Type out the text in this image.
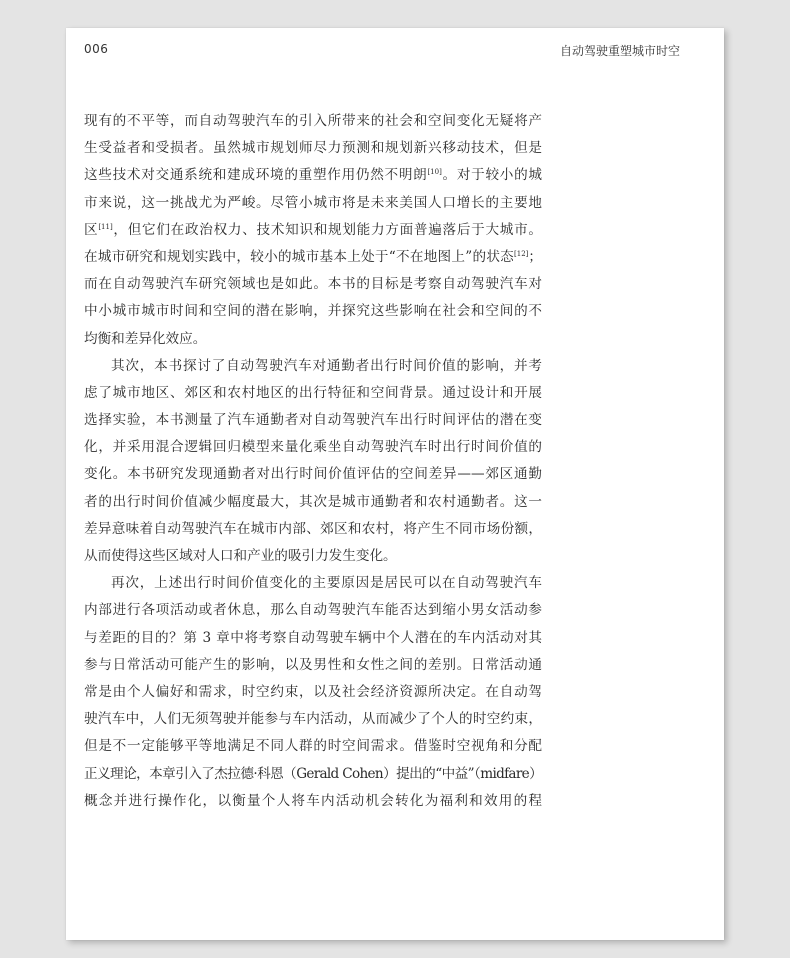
006	自动驾驶重塑城市时空
现有的不平等，而自动驾驶汽车的引入所带来的社会和空间变化无疑将产
生受益者和受损者。虽然城市规划师尽力预测和规划新兴移动技术，但是
这些技术对交通系统和建成环境的重塑作用仍然不明朗[10]。对于较小的城
市来说，这一挑战尤为严峻。尽管小城市将是未来美国人口增长的主要地
区[11]，但它们在政治权力、技术知识和规划能力方面普遍落后于大城市。
在城市研究和规划实践中，较小的城市基本上处于“不在地图上”的状态[12]；
而在自动驾驶汽车研究领域也是如此。本书的目标是考察自动驾驶汽车对
中小城市城市时间和空间的潜在影响，并探究这些影响在社会和空间的不
均衡和差异化效应。
其次，本书探讨了自动驾驶汽车对通勤者出行时间价值的影响，并考
虑了城市地区、郊区和农村地区的出行特征和空间背景。通过设计和开展
选择实验，本书测量了汽车通勤者对自动驾驶汽车出行时间评估的潜在变
化，并采用混合逻辑回归模型来量化乘坐自动驾驶汽车时出行时间价值的
变化。本书研究发现通勤者对出行时间价值评估的空间差异——郊区通勤
者的出行时间价值减少幅度最大，其次是城市通勤者和农村通勤者。这一
差异意味着自动驾驶汽车在城市内部、郊区和农村，将产生不同市场份额，
从而使得这些区域对人口和产业的吸引力发生变化。
再次，上述出行时间价值变化的主要原因是居民可以在自动驾驶汽车
内部进行各项活动或者休息，那么自动驾驶汽车能否达到缩小男女活动参
与差距的目的？第 3 章中将考察自动驾驶车辆中个人潜在的车内活动对其
参与日常活动可能产生的影响，以及男性和女性之间的差别。日常活动通
常是由个人偏好和需求，时空约束，以及社会经济资源所决定。在自动驾
驶汽车中，人们无须驾驶并能参与车内活动，从而减少了个人的时空约束，
但是不一定能够平等地满足不同人群的时空间需求。借鉴时空视角和分配
正义理论，本章引入了杰拉德·科恩（Gerald Cohen）提出的“中益”（midfare）
概念并进行操作化，以衡量个人将车内活动机会转化为福利和效用的程
